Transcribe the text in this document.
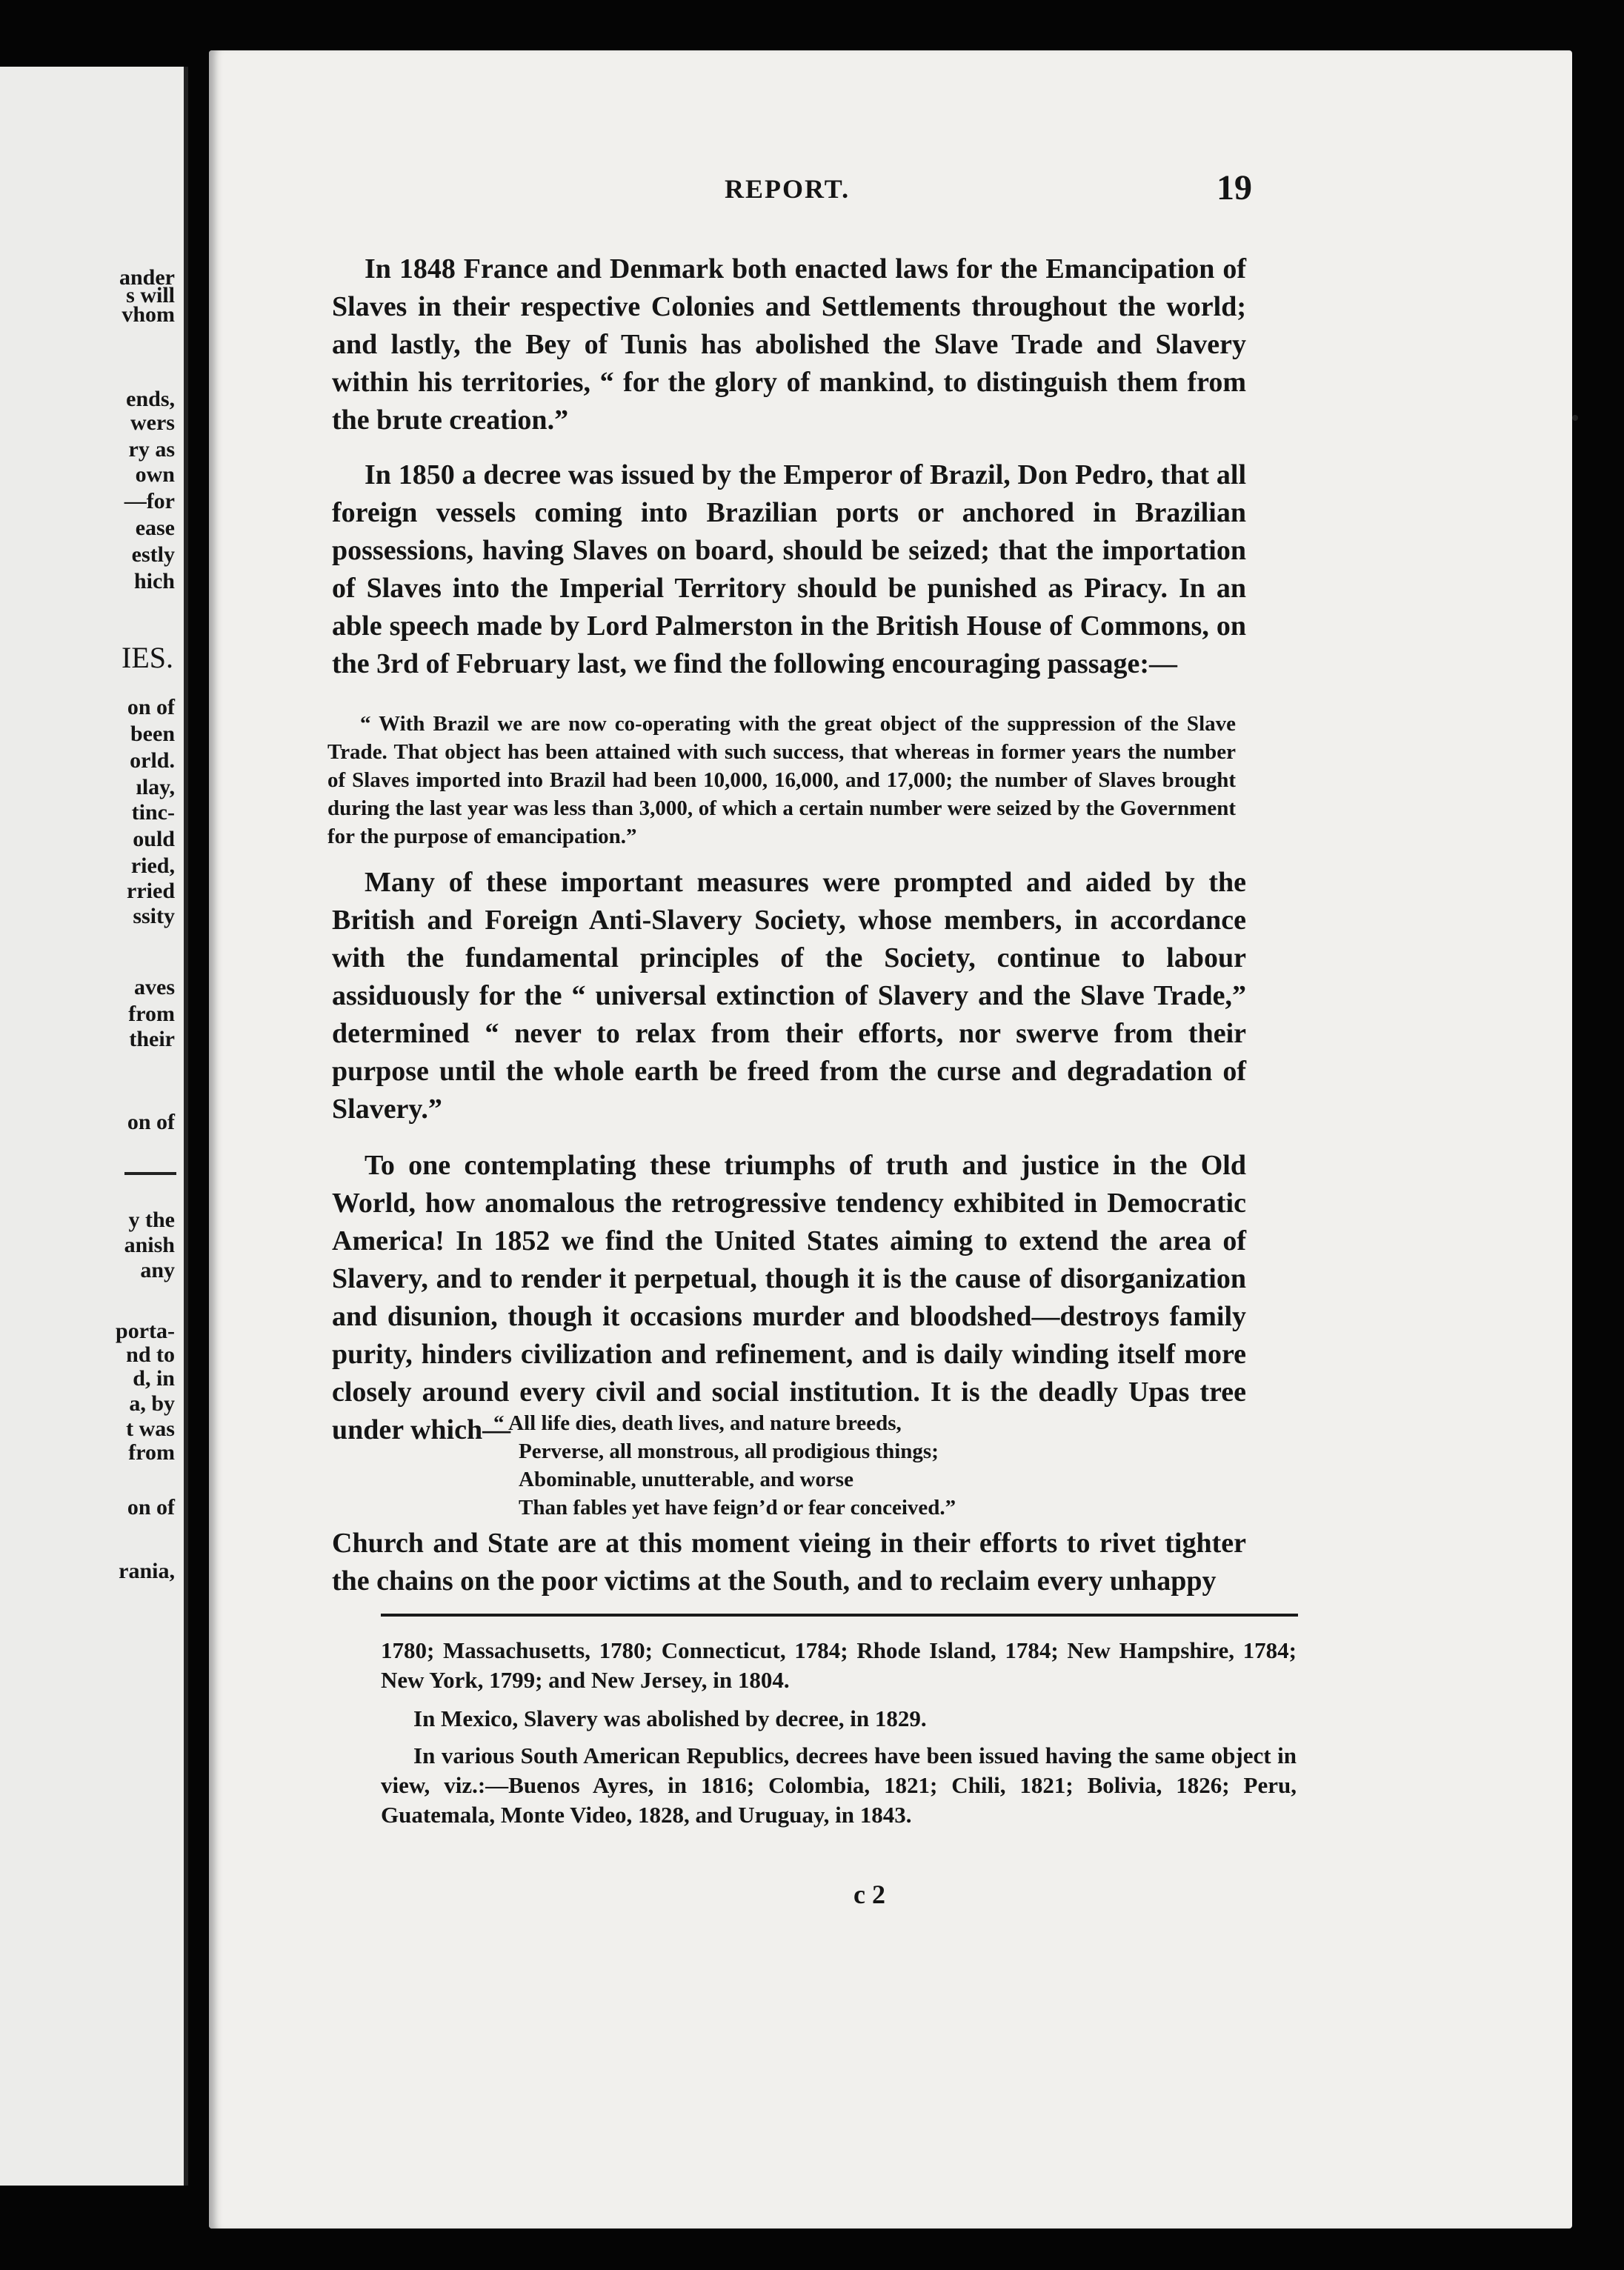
ander
s will
vhom
ends,
wers
ry as
own
—for
ease
estly
hich
on of
been
orld.
ılay,
tinc-
ould
ried,
rried
ssity
aves
from
their
on of
y the
anish
any
porta-
nd to
d, in
a, by
t was
from
on of
rania,
IES.
REPORT.	19

In 1848 France and Denmark both enacted laws for the Emancipation of Slaves in their respective Colonies and Settlements throughout the world; and lastly, the Bey of Tunis has abolished the Slave Trade and Slavery within his territories, “ for the glory of mankind, to distinguish them from the brute creation.”

In 1850 a decree was issued by the Emperor of Brazil, Don Pedro, that all foreign vessels coming into Brazilian ports or anchored in Brazilian possessions, having Slaves on board, should be seized; that the importation of Slaves into the Imperial Territory should be punished as Piracy. In an able speech made by Lord Palmerston in the British House of Commons, on the 3rd of February last, we find the following encouraging passage:—

“ With Brazil we are now co-operating with the great object of the suppression of the Slave Trade. That object has been attained with such success, that whereas in former years the number of Slaves imported into Brazil had been 10,000, 16,000, and 17,000; the number of Slaves brought during the last year was less than 3,000, of which a certain number were seized by the Government for the purpose of emancipation.”

Many of these important measures were prompted and aided by the British and Foreign Anti-Slavery Society, whose members, in accordance with the fundamental principles of the Society, continue to labour assiduously for the “ universal extinction of Slavery and the Slave Trade,” determined “ never to relax from their efforts, nor swerve from their purpose until the whole earth be freed from the curse and degradation of Slavery.”

To one contemplating these triumphs of truth and justice in the Old World, how anomalous the retrogressive tendency exhibited in Democratic America! In 1852 we find the United States aiming to extend the area of Slavery, and to render it perpetual, though it is the cause of disorganization and disunion, though it occasions murder and bloodshed—destroys family purity, hinders civilization and refinement, and is daily winding itself more closely around every civil and social institution. It is the deadly Upas tree under which—

“ All life dies, death lives, and nature breeds,
Perverse, all monstrous, all prodigious things;
Abominable, unutterable, and worse
Than fables yet have feign’d or fear conceived.”

Church and State are at this moment vieing in their efforts to rivet tighter the chains on the poor victims at the South, and to reclaim every unhappy

1780; Massachusetts, 1780; Connecticut, 1784; Rhode Island, 1784; New Hampshire, 1784; New York, 1799; and New Jersey, in 1804.

In Mexico, Slavery was abolished by decree, in 1829.

In various South American Republics, decrees have been issued having the same object in view, viz.:—Buenos Ayres, in 1816; Colombia, 1821; Chili, 1821; Bolivia, 1826; Peru, Guatemala, Monte Video, 1828, and Uruguay, in 1843.

c 2
